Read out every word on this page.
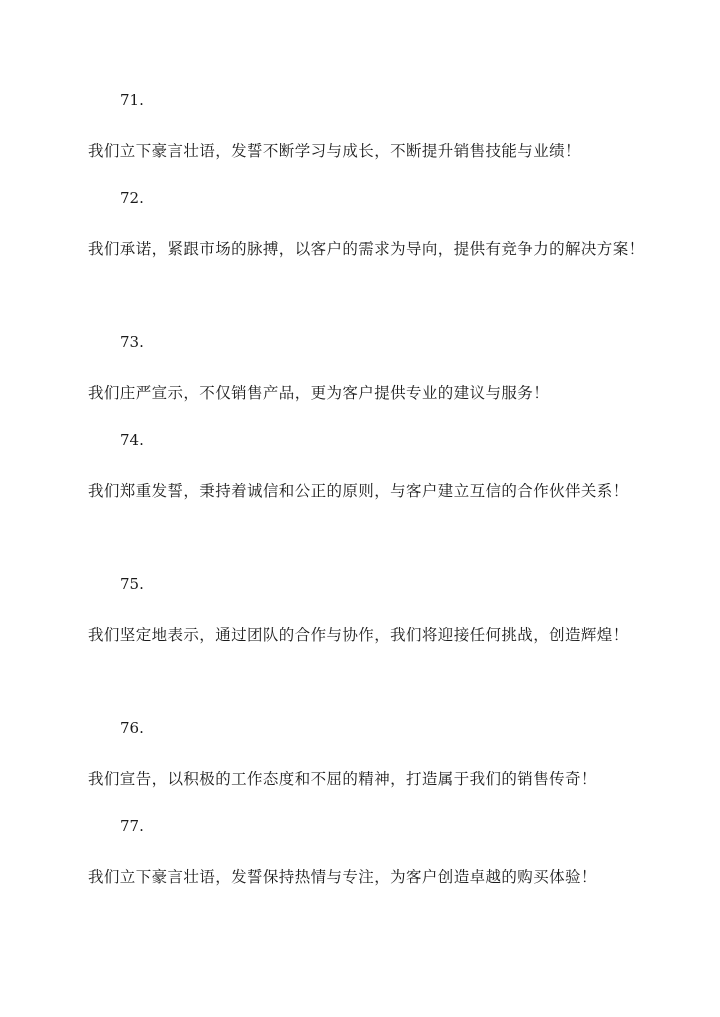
71.
我们立下豪言壮语，发誓不断学习与成长，不断提升销售技能与业绩！
72.
我们承诺，紧跟市场的脉搏，以客户的需求为导向，提供有竞争力的解决方案！
73.
我们庄严宣示，不仅销售产品，更为客户提供专业的建议与服务！
74.
我们郑重发誓，秉持着诚信和公正的原则，与客户建立互信的合作伙伴关系！
75.
我们坚定地表示，通过团队的合作与协作，我们将迎接任何挑战，创造辉煌！
76.
我们宣告，以积极的工作态度和不屈的精神，打造属于我们的销售传奇！
77.
我们立下豪言壮语，发誓保持热情与专注，为客户创造卓越的购买体验！
